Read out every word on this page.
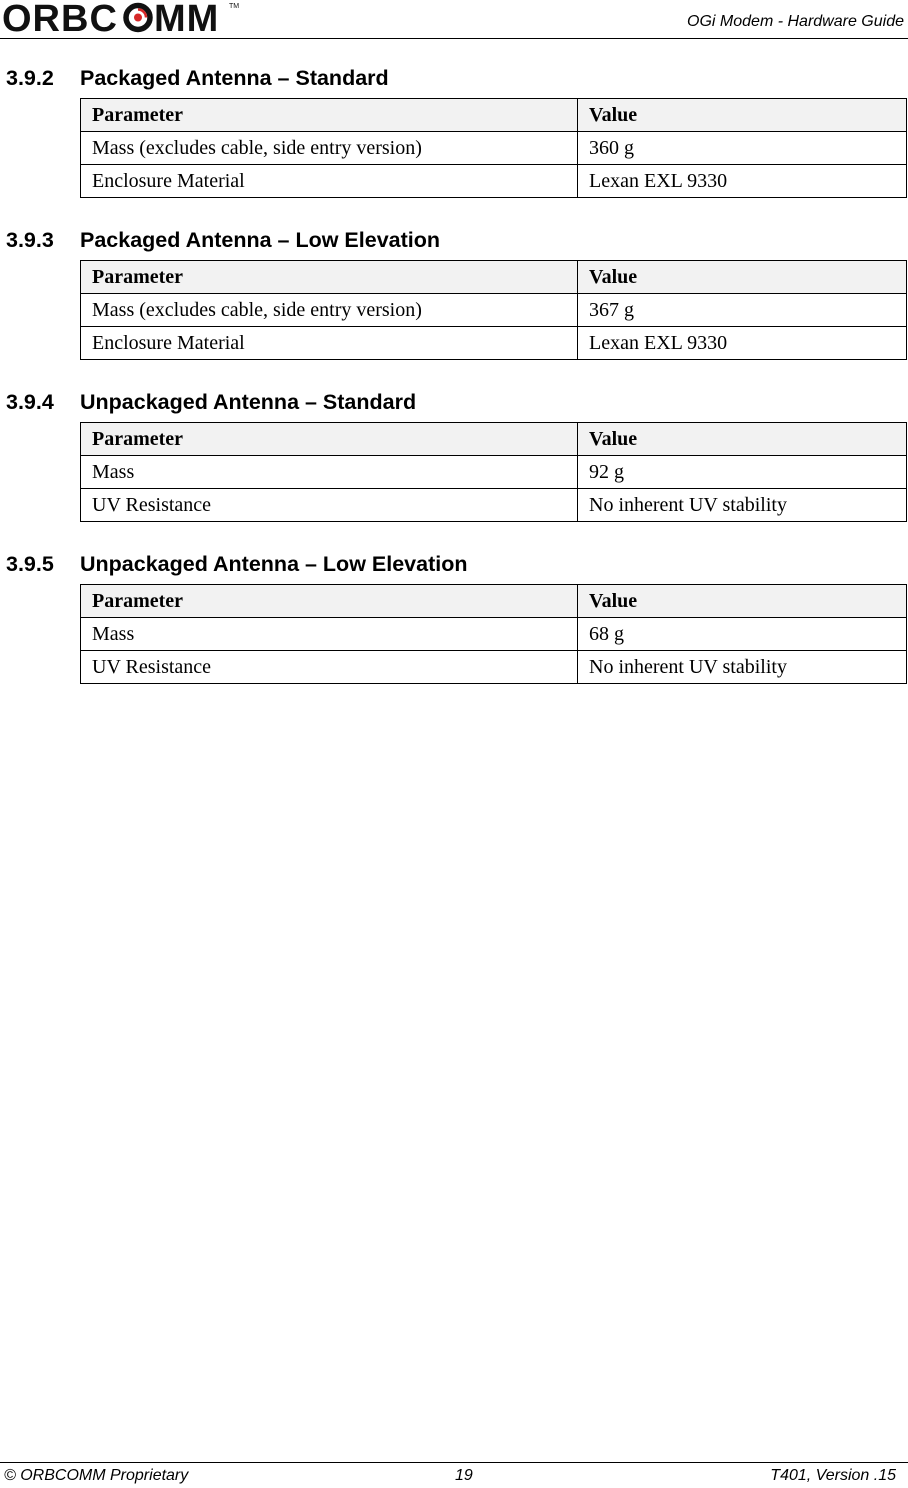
ORBC MM TM
OGi Modem - Hardware Guide
3.9.2 Packaged Antenna – Standard
Parameter	Value
Mass (excludes cable, side entry version)	360 g
Enclosure Material	Lexan EXL 9330
3.9.3 Packaged Antenna – Low Elevation
Parameter	Value
Mass (excludes cable, side entry version)	367 g
Enclosure Material	Lexan EXL 9330
3.9.4 Unpackaged Antenna – Standard
Parameter	Value
Mass	92 g
UV Resistance	No inherent UV stability
3.9.5 Unpackaged Antenna – Low Elevation
Parameter	Value
Mass	68 g
UV Resistance	No inherent UV stability
© ORBCOMM Proprietary	19	T401, Version .15
